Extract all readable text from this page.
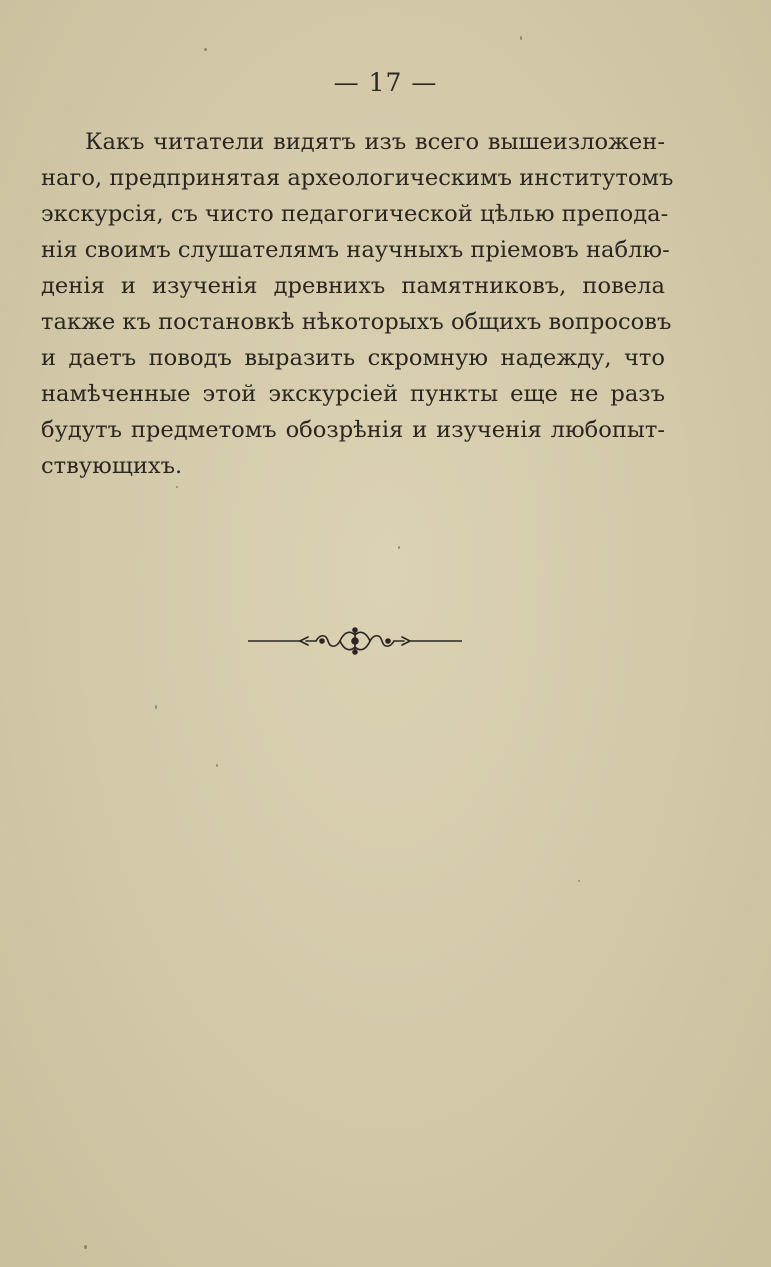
— 17 —
Какъ читатели видятъ изъ всего вышеизложен-
наго, предпринятая археологическимъ институтомъ
экскурсія, съ чисто педагогической цѣлью препода-
нія своимъ слушателямъ научныхъ пріемовъ наблю-
денія и изученія древнихъ памятниковъ, повела
также къ постановкѣ нѣкоторыхъ общихъ вопросовъ
и даетъ поводъ выразить скромную надежду, что
намѣченные этой экскурсіей пункты еще не разъ
будутъ предметомъ обозрѣнія и изученія любопыт-
ствующихъ.
